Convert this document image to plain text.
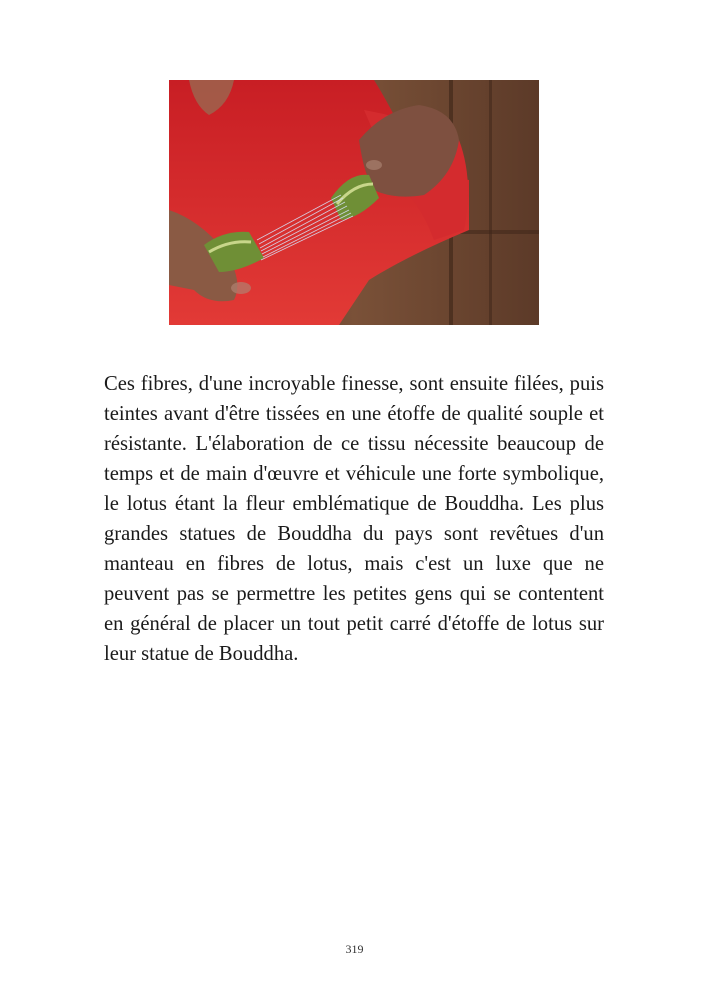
Ces fibres, d'une incroyable finesse, sont ensuite filées, puis teintes avant d'être tissées en une étoffe de qualité souple et résistante. L'élaboration de ce tissu nécessite beaucoup de temps et de main d'œuvre et véhicule une forte symbolique, le lotus étant la fleur emblématique de Bouddha. Les plus grandes statues de Bouddha du pays sont revêtues d'un manteau en fibres de lotus, mais c'est un luxe que ne peuvent pas se permettre les petites gens qui se contentent en général de placer un tout petit carré d'étoffe de lotus sur leur statue de Bouddha.

319
